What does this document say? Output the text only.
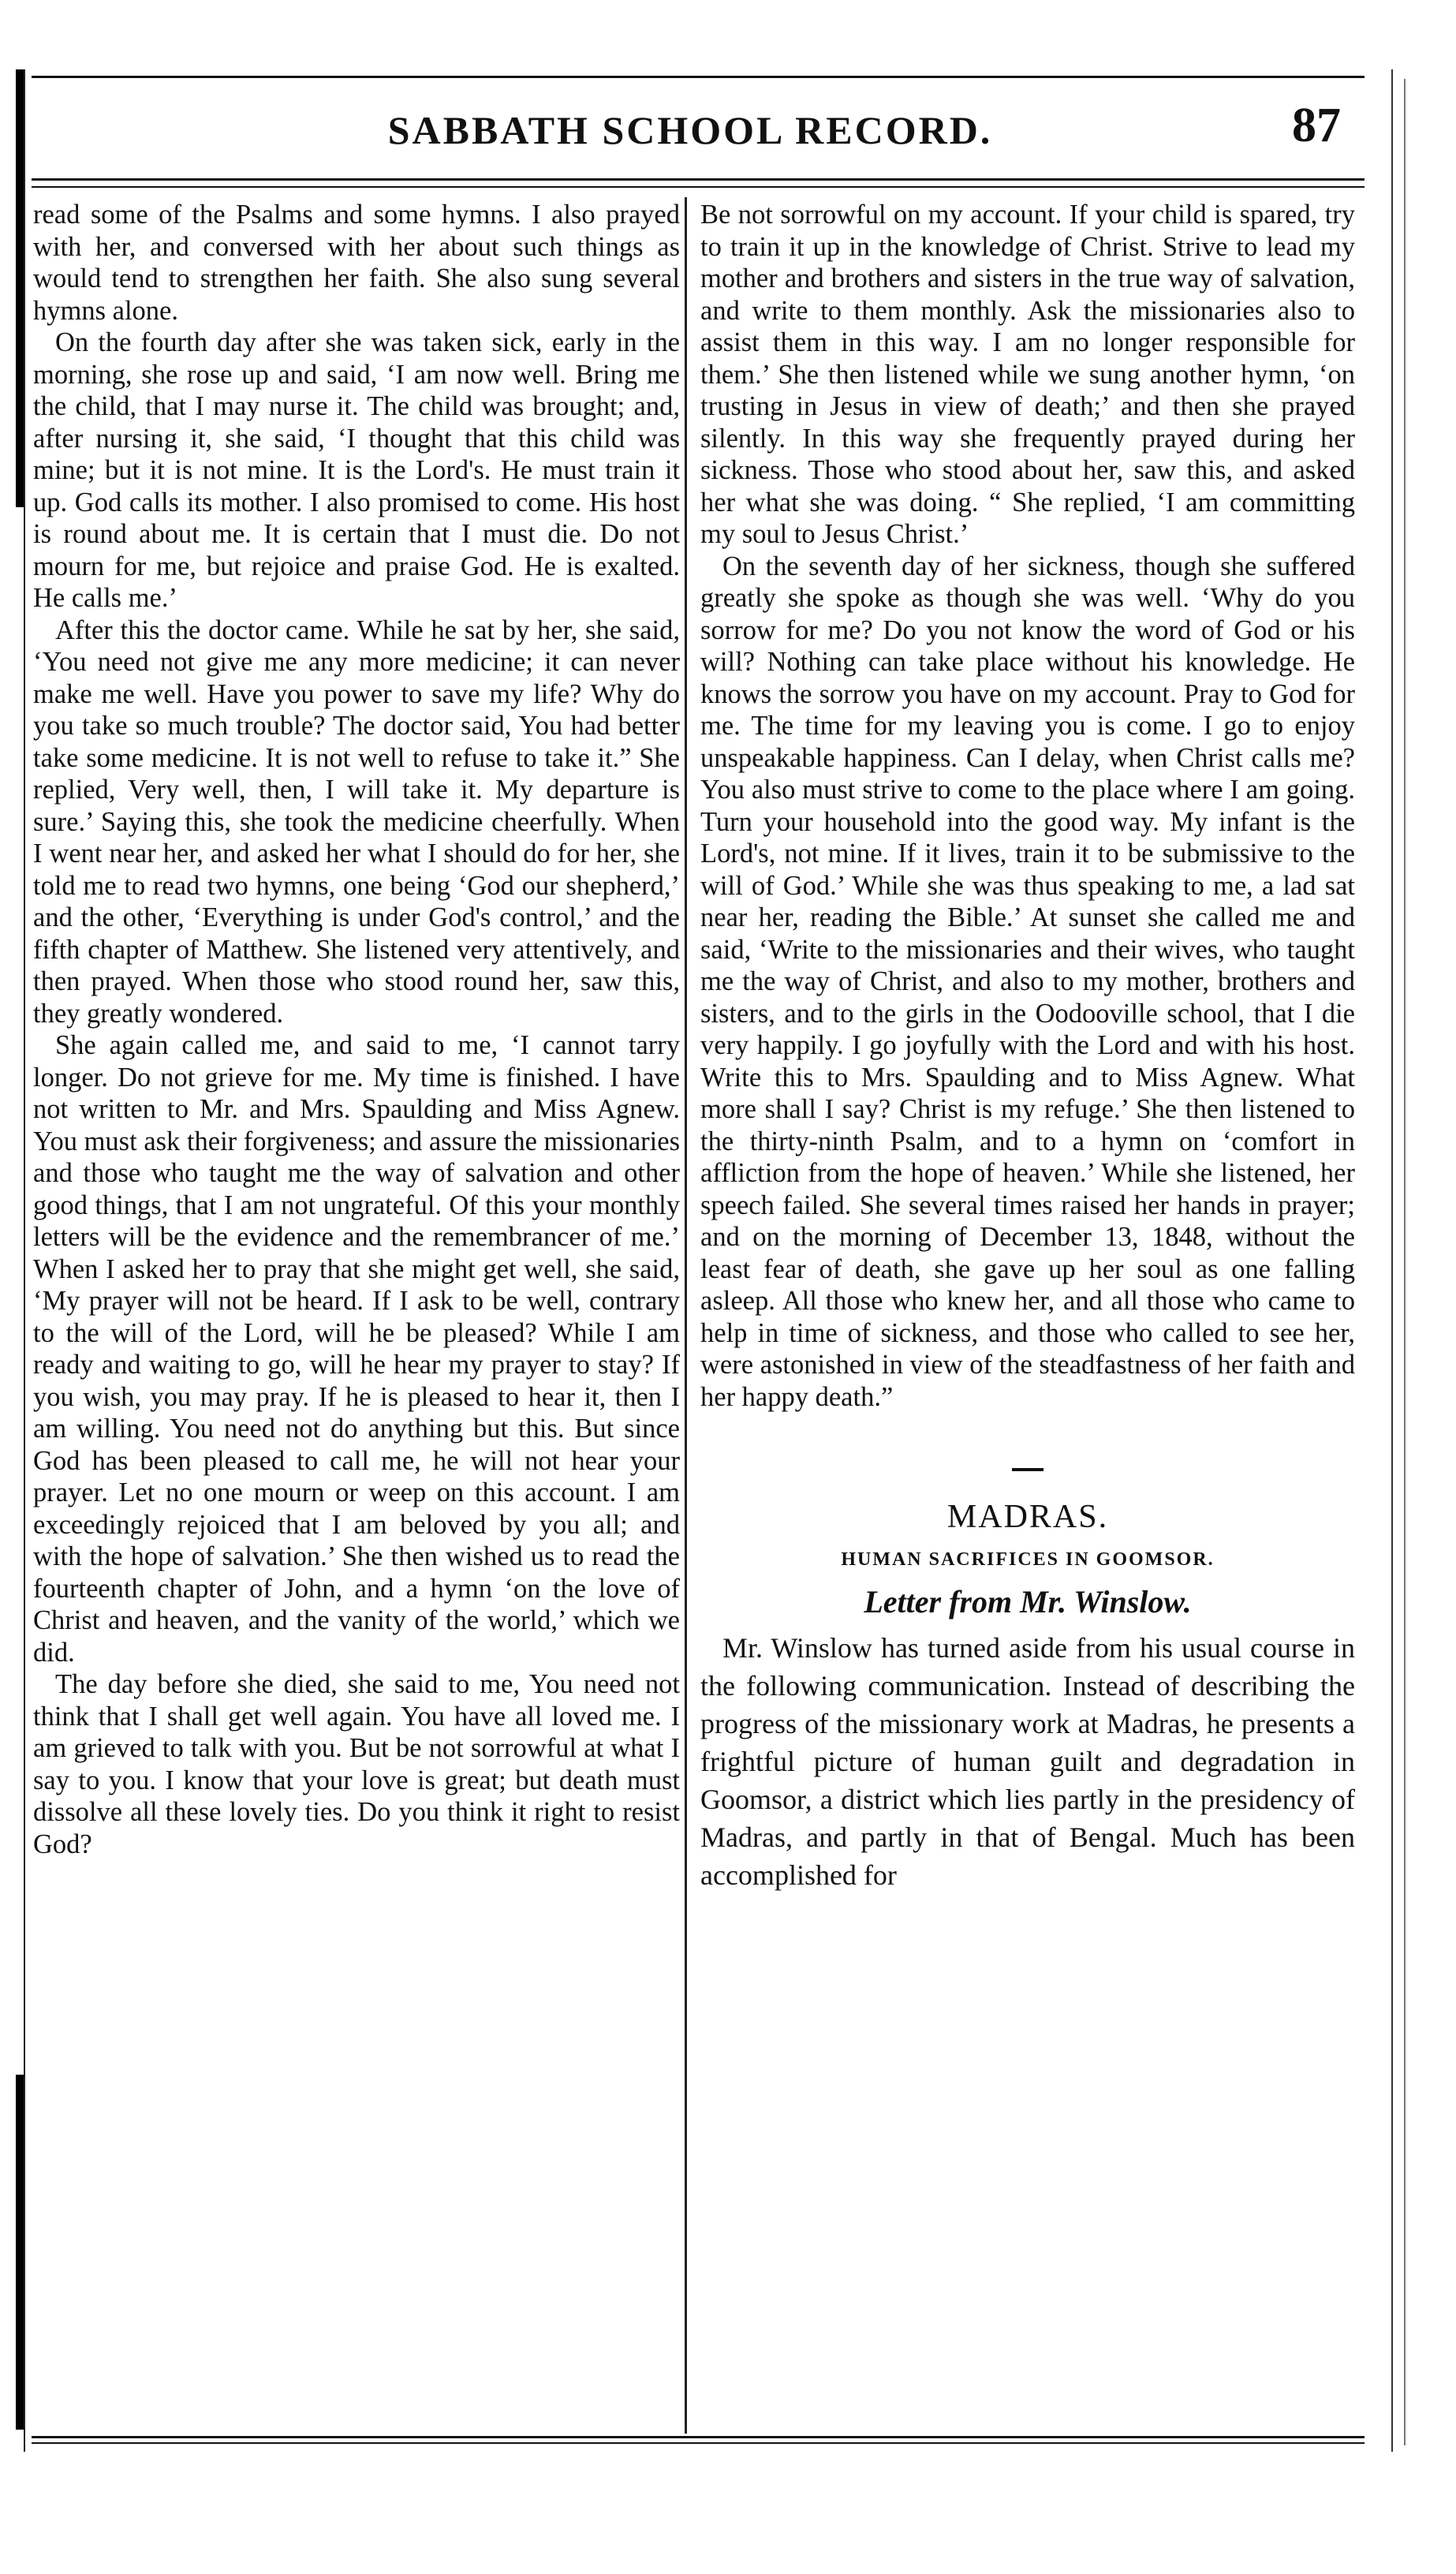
SABBATH SCHOOL RECORD.	87

read some of the Psalms and some hymns. I also prayed with her, and conversed with her about such things as would tend to strengthen her faith. She also sung several hymns alone.

On the fourth day after she was taken sick, early in the morning, she rose up and said, ‘I am now well. Bring me the child, that I may nurse it. The child was brought; and, after nursing it, she said, ‘I thought that this child was mine; but it is not mine. It is the Lord's. He must train it up. God calls its mother. I also promised to come. His host is round about me. It is certain that I must die. Do not mourn for me, but rejoice and praise God. He is exalted. He calls me.’

After this the doctor came. While he sat by her, she said, ‘You need not give me any more medicine; it can never make me well. Have you power to save my life? Why do you take so much trouble? The doctor said, You had better take some medicine. It is not well to refuse to take it.” She replied, Very well, then, I will take it. My departure is sure.’ Saying this, she took the medicine cheerfully. When I went near her, and asked her what I should do for her, she told me to read two hymns, one being ‘God our shepherd,’ and the other, ‘Everything is under God's control,’ and the fifth chapter of Matthew. She listened very attentively, and then prayed. When those who stood round her, saw this, they greatly wondered.

She again called me, and said to me, ‘I cannot tarry longer. Do not grieve for me. My time is finished. I have not written to Mr. and Mrs. Spaulding and Miss Agnew. You must ask their forgiveness; and assure the missionaries and those who taught me the way of salvation and other good things, that I am not ungrateful. Of this your monthly letters will be the evidence and the remembrancer of me.’ When I asked her to pray that she might get well, she said, ‘My prayer will not be heard. If I ask to be well, contrary to the will of the Lord, will he be pleased? While I am ready and waiting to go, will he hear my prayer to stay? If you wish, you may pray. If he is pleased to hear it, then I am willing. You need not do anything but this. But since God has been pleased to call me, he will not hear your prayer. Let no one mourn or weep on this account. I am exceedingly rejoiced that I am beloved by you all; and with the hope of salvation.’ She then wished us to read the fourteenth chapter of John, and a hymn ‘on the love of Christ and heaven, and the vanity of the world,’ which we did.

The day before she died, she said to me, You need not think that I shall get well again. You have all loved me. I am grieved to talk with you. But be not sorrowful at what I say to you. I know that your love is great; but death must dissolve all these lovely ties. Do you think it right to resist God?

Be not sorrowful on my account. If your child is spared, try to train it up in the knowledge of Christ. Strive to lead my mother and brothers and sisters in the true way of salvation, and write to them monthly. Ask the missionaries also to assist them in this way. I am no longer responsible for them.’ She then listened while we sung another hymn, ‘on trusting in Jesus in view of death;’ and then she prayed silently. In this way she frequently prayed during her sickness. Those who stood about her, saw this, and asked her what she was doing. “ She replied, ‘I am committing my soul to Jesus Christ.’

On the seventh day of her sickness, though she suffered greatly she spoke as though she was well. ‘Why do you sorrow for me? Do you not know the word of God or his will? Nothing can take place without his knowledge. He knows the sorrow you have on my account. Pray to God for me. The time for my leaving you is come. I go to enjoy unspeakable happiness. Can I delay, when Christ calls me? You also must strive to come to the place where I am going. Turn your household into the good way. My infant is the Lord's, not mine. If it lives, train it to be submissive to the will of God.’ While she was thus speaking to me, a lad sat near her, reading the Bible.’ At sunset she called me and said, ‘Write to the missionaries and their wives, who taught me the way of Christ, and also to my mother, brothers and sisters, and to the girls in the Oodooville school, that I die very happily. I go joyfully with the Lord and with his host. Write this to Mrs. Spaulding and to Miss Agnew. What more shall I say? Christ is my refuge.’ She then listened to the thirty-ninth Psalm, and to a hymn on ‘comfort in affliction from the hope of heaven.’ While she listened, her speech failed. She several times raised her hands in prayer; and on the morning of December 13, 1848, without the least fear of death, she gave up her soul as one falling asleep. All those who knew her, and all those who came to help in time of sickness, and those who called to see her, were astonished in view of the steadfastness of her faith and her happy death.”

MADRAS.
HUMAN SACRIFICES IN GOOMSOR.
Letter from Mr. Winslow.

Mr. Winslow has turned aside from his usual course in the following communication. Instead of describing the progress of the missionary work at Madras, he presents a frightful picture of human guilt and degradation in Goomsor, a district which lies partly in the presidency of Madras, and partly in that of Bengal. Much has been accomplished for
